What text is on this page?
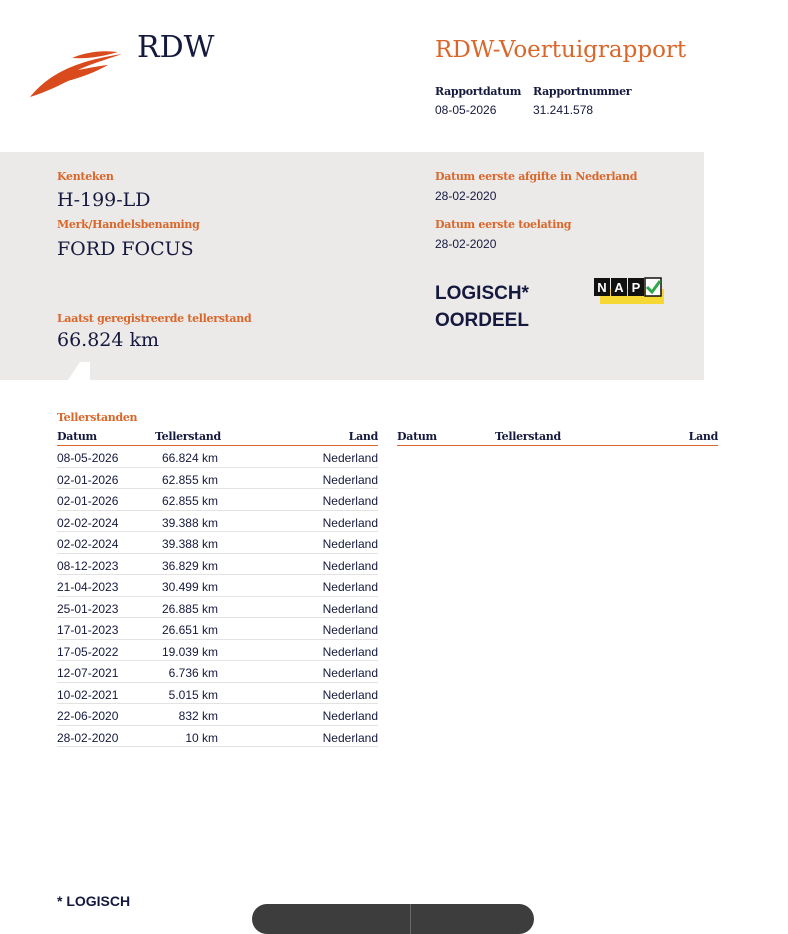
RDW	RDW-Voertuigrapport
Rapportdatum Rapportnummer
08-05-2026	31.241.578
Kenteken
H-199-LD
Merk/Handelsbenaming
FORD FOCUS
Laatst geregistreerde tellerstand
66.824 km
Datum eerste afgifte in Nederland
28-02-2020
Datum eerste toelating
28-02-2020
LOGISCH*
OORDEEL
N A P
Tellerstanden
Datum	Tellerstand	Land
08-05-2026	66.824 km	Nederland
02-01-2026	62.855 km	Nederland
02-01-2026	62.855 km	Nederland
02-02-2024	39.388 km	Nederland
02-02-2024	39.388 km	Nederland
08-12-2023	36.829 km	Nederland
21-04-2023	30.499 km	Nederland
25-01-2023	26.885 km	Nederland
17-01-2023	26.651 km	Nederland
17-05-2022	19.039 km	Nederland
12-07-2021	6.736 km	Nederland
10-02-2021	5.015 km	Nederland
22-06-2020	832 km	Nederland
28-02-2020	10 km	Nederland
Datum	Tellerstand	Land
* LOGISCH
